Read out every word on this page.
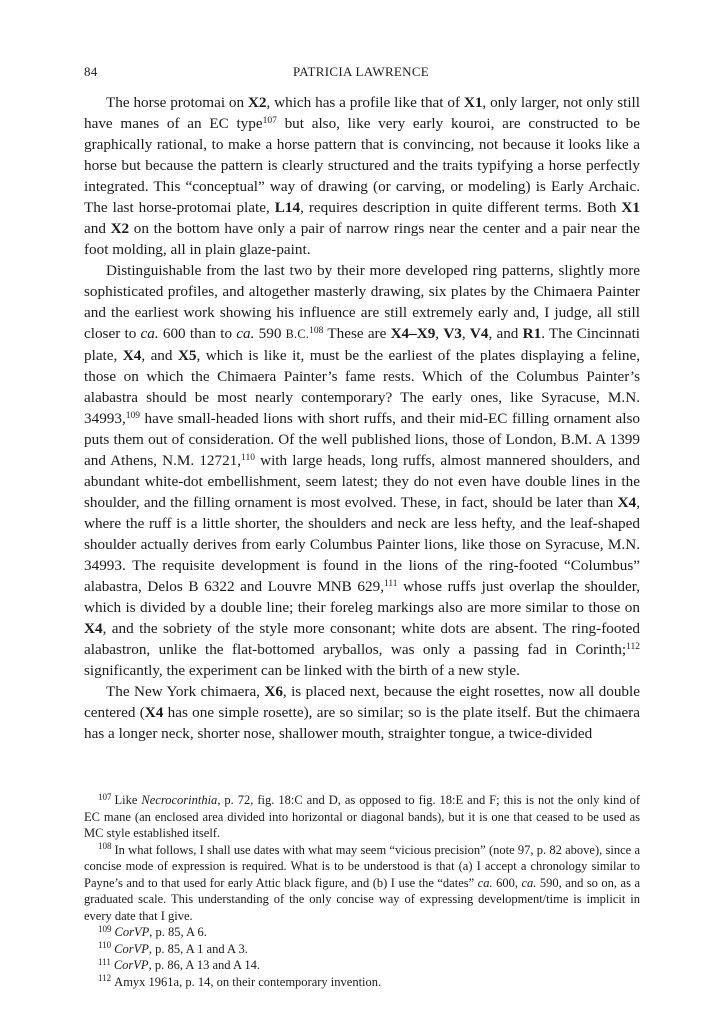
84	PATRICIA LAWRENCE

The horse protomai on X2, which has a profile like that of X1, only larger, not only still have manes of an EC type$^{107}$ but also, like very early kouroi, are constructed to be graphically rational, to make a horse pattern that is convincing, not because it looks like a horse but because the pattern is clearly structured and the traits typifying a horse perfectly integrated. This “conceptual” way of drawing (or carving, or modeling) is Early Archaic. The last horse-protomai plate, L14, requires description in quite different terms. Both X1 and X2 on the bottom have only a pair of narrow rings near the center and a pair near the foot molding, all in plain glaze-paint.

Distinguishable from the last two by their more developed ring patterns, slightly more sophisticated profiles, and altogether masterly drawing, six plates by the Chimaera Painter and the earliest work showing his influence are still extremely early and, I judge, all still closer to ca. 600 than to ca. 590 B.C.$^{108}$ These are X4–X9, V3, V4, and R1. The Cincinnati plate, X4, and X5, which is like it, must be the earliest of the plates displaying a feline, those on which the Chimaera Painter’s fame rests. Which of the Columbus Painter’s alabastra should be most nearly contemporary? The early ones, like Syracuse, M.N. 34993,$^{109}$ have small-headed lions with short ruffs, and their mid-EC filling ornament also puts them out of consideration. Of the well published lions, those of London, B.M. A 1399 and Athens, N.M. 12721,$^{110}$ with large heads, long ruffs, almost mannered shoulders, and abundant white-dot embellishment, seem latest; they do not even have double lines in the shoulder, and the filling ornament is most evolved. These, in fact, should be later than X4, where the ruff is a little shorter, the shoulders and neck are less hefty, and the leaf-shaped shoulder actually derives from early Columbus Painter lions, like those on Syracuse, M.N. 34993. The requisite development is found in the lions of the ring-footed “Columbus” alabastra, Delos B 6322 and Louvre MNB 629,$^{111}$ whose ruffs just overlap the shoulder, which is divided by a double line; their foreleg markings also are more similar to those on X4, and the sobriety of the style more consonant; white dots are absent. The ring-footed alabastron, unlike the flat-bottomed aryballos, was only a passing fad in Corinth;$^{112}$ significantly, the experiment can be linked with the birth of a new style.

The New York chimaera, X6, is placed next, because the eight rosettes, now all double centered (X4 has one simple rosette), are so similar; so is the plate itself. But the chimaera has a longer neck, shorter nose, shallower mouth, straighter tongue, a twice-divided

$^{107}$ Like Necrocorinthia, p. 72, fig. 18:C and D, as opposed to fig. 18:E and F; this is not the only kind of EC mane (an enclosed area divided into horizontal or diagonal bands), but it is one that ceased to be used as MC style established itself.

$^{108}$ In what follows, I shall use dates with what may seem “vicious precision” (note 97, p. 82 above), since a concise mode of expression is required. What is to be understood is that (a) I accept a chronology similar to Payne’s and to that used for early Attic black figure, and (b) I use the “dates” ca. 600, ca. 590, and so on, as a graduated scale. This understanding of the only concise way of expressing development/time is implicit in every date that I give.

$^{109}$ CorVP, p. 85, A 6.

$^{110}$ CorVP, p. 85, A 1 and A 3.

$^{111}$ CorVP, p. 86, A 13 and A 14.

$^{112}$ Amyx 1961a, p. 14, on their contemporary invention.
